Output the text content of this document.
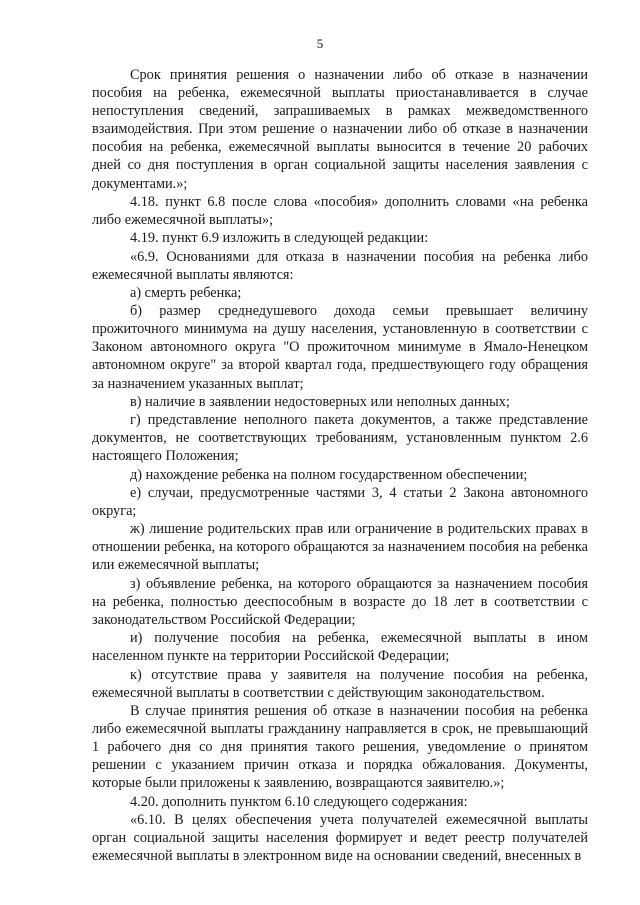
5

Срок принятия решения о назначении либо об отказе в назначении пособия на ребенка, ежемесячной выплаты приостанавливается в случае непоступления сведений, запрашиваемых в рамках межведомственного взаимодействия. При этом решение о назначении либо об отказе в назначении пособия на ребенка, ежемесячной выплаты выносится в течение 20 рабочих дней со дня поступления в орган социальной защиты населения заявления с документами.»;

4.18. пункт 6.8 после слова «пособия» дополнить словами «на ребенка либо ежемесячной выплаты»;

4.19. пункт 6.9 изложить в следующей редакции:

«6.9. Основаниями для отказа в назначении пособия на ребенка либо ежемесячной выплаты являются:

а) смерть ребенка;

б) размер среднедушевого дохода семьи превышает величину прожиточного минимума на душу населения, установленную в соответствии с Законом автономного округа "О прожиточном минимуме в Ямало-Ненецком автономном округе" за второй квартал года, предшествующего году обращения за назначением указанных выплат;

в) наличие в заявлении недостоверных или неполных данных;

г) представление неполного пакета документов, а также представление документов, не соответствующих требованиям, установленным пунктом 2.6 настоящего Положения;

д) нахождение ребенка на полном государственном обеспечении;

е) случаи, предусмотренные частями 3, 4 статьи 2 Закона автономного округа;

ж) лишение родительских прав или ограничение в родительских правах в отношении ребенка, на которого обращаются за назначением пособия на ребенка или ежемесячной выплаты;

з) объявление ребенка, на которого обращаются за назначением пособия на ребенка, полностью дееспособным в возрасте до 18 лет в соответствии с законодательством Российской Федерации;

и) получение пособия на ребенка, ежемесячной выплаты в ином населенном пункте на территории Российской Федерации;

к) отсутствие права у заявителя на получение пособия на ребенка, ежемесячной выплаты в соответствии с действующим законодательством.

В случае принятия решения об отказе в назначении пособия на ребенка либо ежемесячной выплаты гражданину направляется в срок, не превышающий 1 рабочего дня со дня принятия такого решения, уведомление о принятом решении с указанием причин отказа и порядка обжалования. Документы, которые были приложены к заявлению, возвращаются заявителю.»;

4.20. дополнить пунктом 6.10 следующего содержания:

«6.10. В целях обеспечения учета получателей ежемесячной выплаты орган социальной защиты населения формирует и ведет реестр получателей ежемесячной выплаты в электронном виде на основании сведений, внесенных в
